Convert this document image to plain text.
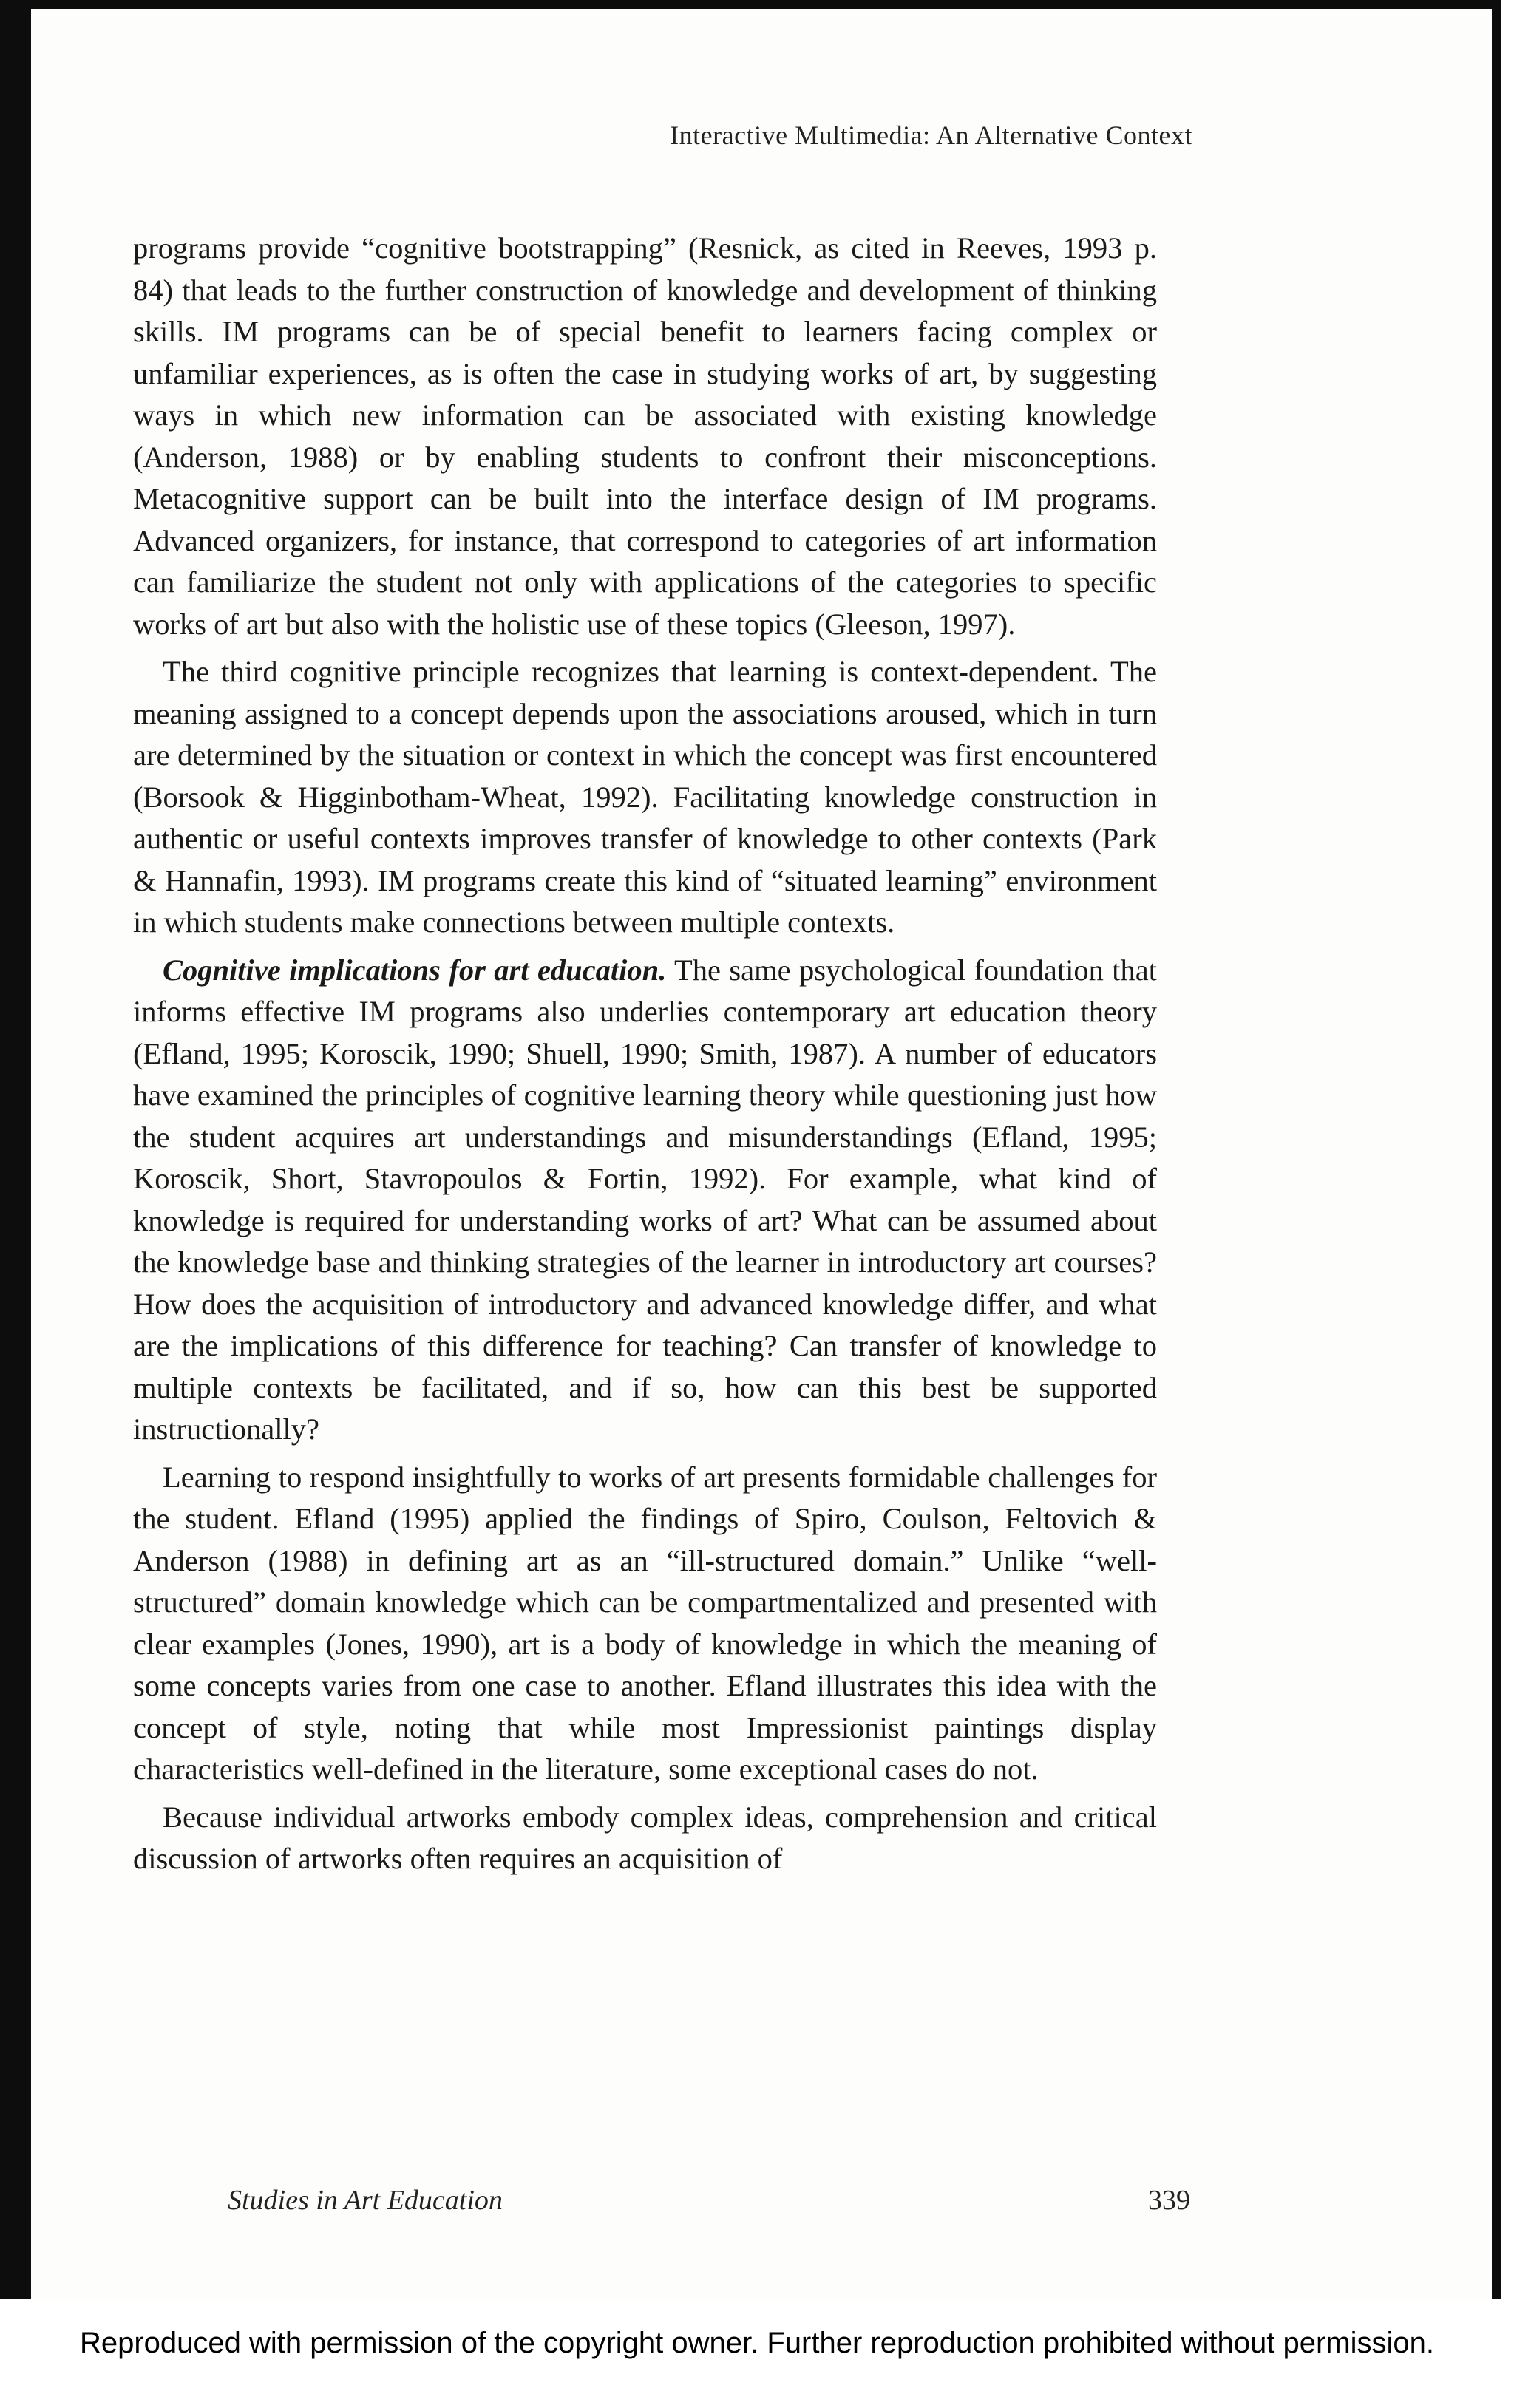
Interactive Multimedia: An Alternative Context

programs provide “cognitive bootstrapping” (Resnick, as cited in Reeves, 1993 p. 84) that leads to the further construction of knowledge and development of thinking skills. IM programs can be of special benefit to learners facing complex or unfamiliar experiences, as is often the case in studying works of art, by suggesting ways in which new information can be associated with existing knowledge (Anderson, 1988) or by enabling students to confront their misconceptions. Metacognitive support can be built into the interface design of IM programs. Advanced organizers, for instance, that correspond to categories of art information can familiarize the student not only with applications of the categories to specific works of art but also with the holistic use of these topics (Gleeson, 1997).

The third cognitive principle recognizes that learning is context-dependent. The meaning assigned to a concept depends upon the associations aroused, which in turn are determined by the situation or context in which the concept was first encountered (Borsook & Higginbotham-Wheat, 1992). Facilitating knowledge construction in authentic or useful contexts improves transfer of knowledge to other contexts (Park & Hannafin, 1993). IM programs create this kind of “situated learning” environment in which students make connections between multiple contexts.

Cognitive implications for art education. The same psychological foundation that informs effective IM programs also underlies contemporary art education theory (Efland, 1995; Koroscik, 1990; Shuell, 1990; Smith, 1987). A number of educators have examined the principles of cognitive learning theory while questioning just how the student acquires art understandings and misunderstandings (Efland, 1995; Koroscik, Short, Stavropoulos & Fortin, 1992). For example, what kind of knowledge is required for understanding works of art? What can be assumed about the knowledge base and thinking strategies of the learner in introductory art courses? How does the acquisition of introductory and advanced knowledge differ, and what are the implications of this difference for teaching? Can transfer of knowledge to multiple contexts be facilitated, and if so, how can this best be supported instructionally?

Learning to respond insightfully to works of art presents formidable challenges for the student. Efland (1995) applied the findings of Spiro, Coulson, Feltovich & Anderson (1988) in defining art as an “ill-structured domain.” Unlike “well-structured” domain knowledge which can be compartmentalized and presented with clear examples (Jones, 1990), art is a body of knowledge in which the meaning of some concepts varies from one case to another. Efland illustrates this idea with the concept of style, noting that while most Impressionist paintings display characteristics well-defined in the literature, some exceptional cases do not.

Because individual artworks embody complex ideas, comprehension and critical discussion of artworks often requires an acquisition of

Studies in Art Education	339
Reproduced with permission of the copyright owner. Further reproduction prohibited without permission.
